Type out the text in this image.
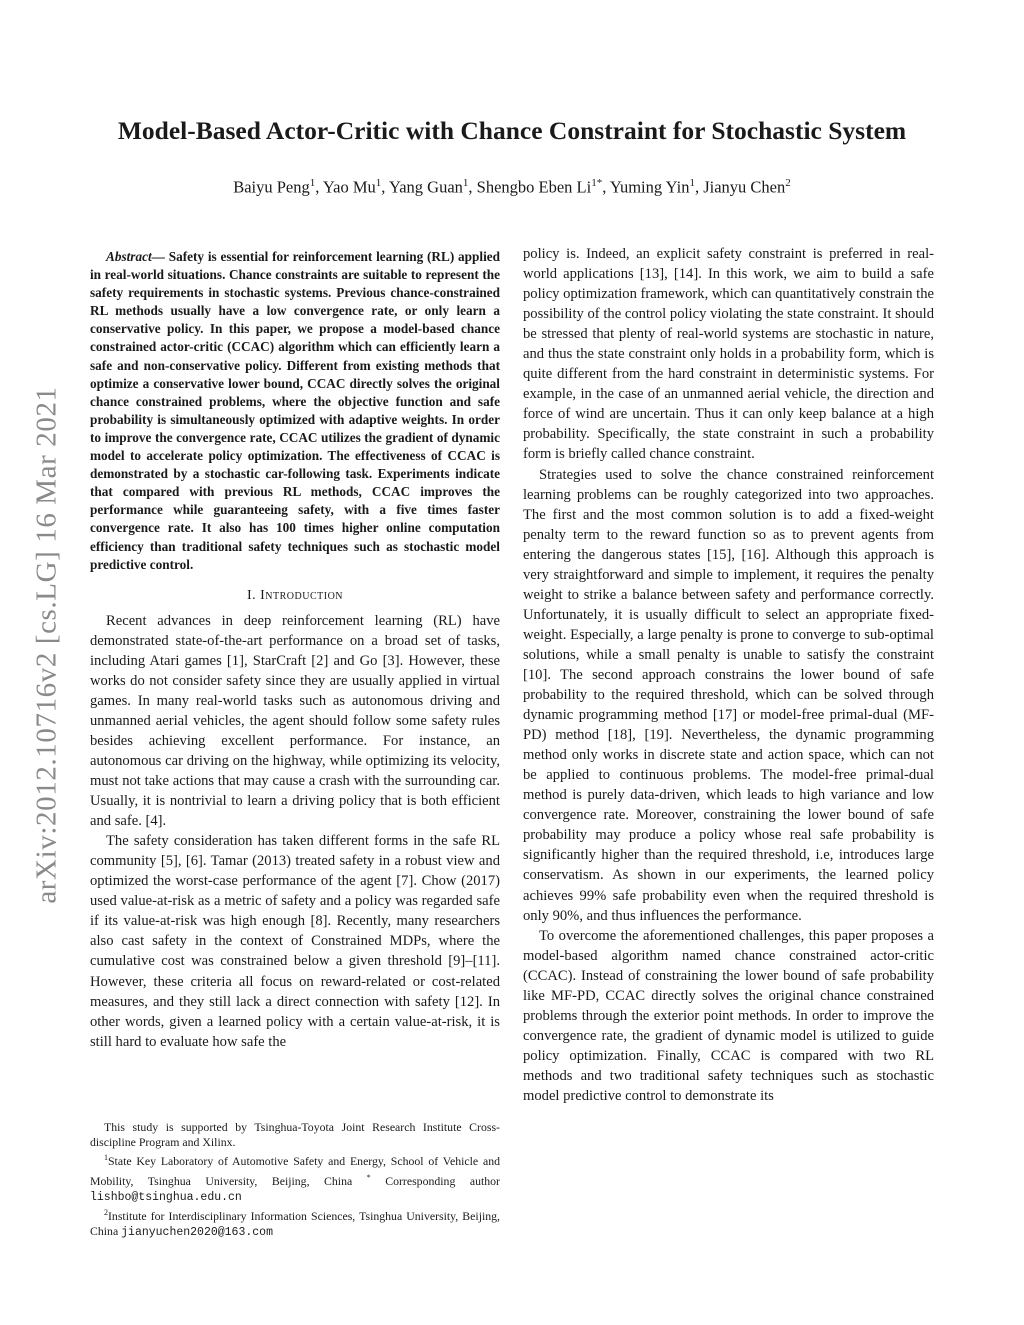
arXiv:2012.10716v2 [cs.LG] 16 Mar 2021
Model-Based Actor-Critic with Chance Constraint for Stochastic System

Baiyu Peng$^1$, Yao Mu$^1$, Yang Guan$^1$, Shengbo Eben $Li^{1*}$, Yuming Yin$^1$, Jianyu Chen$^2$

Abstract— Safety is essential for reinforcement learning (RL) applied in real-world situations. Chance constraints are suitable to represent the safety requirements in stochastic systems. Previous chance-constrained RL methods usually have a low convergence rate, or only learn a conservative policy. In this paper, we propose a model-based chance constrained actor-critic (CCAC) algorithm which can efficiently learn a safe and non-conservative policy. Different from existing methods that optimize a conservative lower bound, CCAC directly solves the original chance constrained problems, where the objective function and safe probability is simultaneously optimized with adaptive weights. In order to improve the convergence rate, CCAC utilizes the gradient of dynamic model to accelerate policy optimization. The effectiveness of CCAC is demonstrated by a stochastic car-following task. Experiments indicate that compared with previous RL methods, CCAC improves the performance while guaranteeing safety, with a five times faster convergence rate. It also has 100 times higher online computation efficiency than traditional safety techniques such as stochastic model predictive control.

I. Introduction

Recent advances in deep reinforcement learning (RL) have demonstrated state-of-the-art performance on a broad set of tasks, including Atari games [1], StarCraft [2] and Go [3]. However, these works do not consider safety since they are usually applied in virtual games. In many real-world tasks such as autonomous driving and unmanned aerial vehicles, the agent should follow some safety rules besides achieving excellent performance. For instance, an autonomous car driving on the highway, while optimizing its velocity, must not take actions that may cause a crash with the surrounding car. Usually, it is nontrivial to learn a driving policy that is both efficient and safe. [4].

The safety consideration has taken different forms in the safe RL community [5], [6]. Tamar (2013) treated safety in a robust view and optimized the worst-case performance of the agent [7]. Chow (2017) used value-at-risk as a metric of safety and a policy was regarded safe if its value-at-risk was high enough [8]. Recently, many researchers also cast safety in the context of Constrained MDPs, where the cumulative cost was constrained below a given threshold [9]–[11]. However, these criteria all focus on reward-related or cost-related measures, and they still lack a direct connection with safety [12]. In other words, given a learned policy with a certain value-at-risk, it is still hard to evaluate how safe the

This study is supported by Tsinghua-Toyota Joint Research Institute Cross-discipline Program and Xilinx.

$^1$State Key Laboratory of Automotive Safety and Energy, School of Vehicle and Mobility, Tsinghua University, Beijing, China * Corresponding author lishbo@tsinghua.edu.cn

$^2$Institute for Interdisciplinary Information Sciences, Tsinghua University, Beijing, China jianyuchen2020@163.com

policy is. Indeed, an explicit safety constraint is preferred in real-world applications [13], [14]. In this work, we aim to build a safe policy optimization framework, which can quantitatively constrain the possibility of the control policy violating the state constraint. It should be stressed that plenty of real-world systems are stochastic in nature, and thus the state constraint only holds in a probability form, which is quite different from the hard constraint in deterministic systems. For example, in the case of an unmanned aerial vehicle, the direction and force of wind are uncertain. Thus it can only keep balance at a high probability. Specifically, the state constraint in such a probability form is briefly called chance constraint.

Strategies used to solve the chance constrained reinforcement learning problems can be roughly categorized into two approaches. The first and the most common solution is to add a fixed-weight penalty term to the reward function so as to prevent agents from entering the dangerous states [15], [16]. Although this approach is very straightforward and simple to implement, it requires the penalty weight to strike a balance between safety and performance correctly. Unfortunately, it is usually difficult to select an appropriate fixed-weight. Especially, a large penalty is prone to converge to sub-optimal solutions, while a small penalty is unable to satisfy the constraint [10]. The second approach constrains the lower bound of safe probability to the required threshold, which can be solved through dynamic programming method [17] or model-free primal-dual (MF-PD) method [18], [19]. Nevertheless, the dynamic programming method only works in discrete state and action space, which can not be applied to continuous problems. The model-free primal-dual method is purely data-driven, which leads to high variance and low convergence rate. Moreover, constraining the lower bound of safe probability may produce a policy whose real safe probability is significantly higher than the required threshold, i.e, introduces large conservatism. As shown in our experiments, the learned policy achieves 99% safe probability even when the required threshold is only 90%, and thus influences the performance.

To overcome the aforementioned challenges, this paper proposes a model-based algorithm named chance constrained actor-critic (CCAC). Instead of constraining the lower bound of safe probability like MF-PD, CCAC directly solves the original chance constrained problems through the exterior point methods. In order to improve the convergence rate, the gradient of dynamic model is utilized to guide policy optimization. Finally, CCAC is compared with two RL methods and two traditional safety techniques such as stochastic model predictive control to demonstrate its
